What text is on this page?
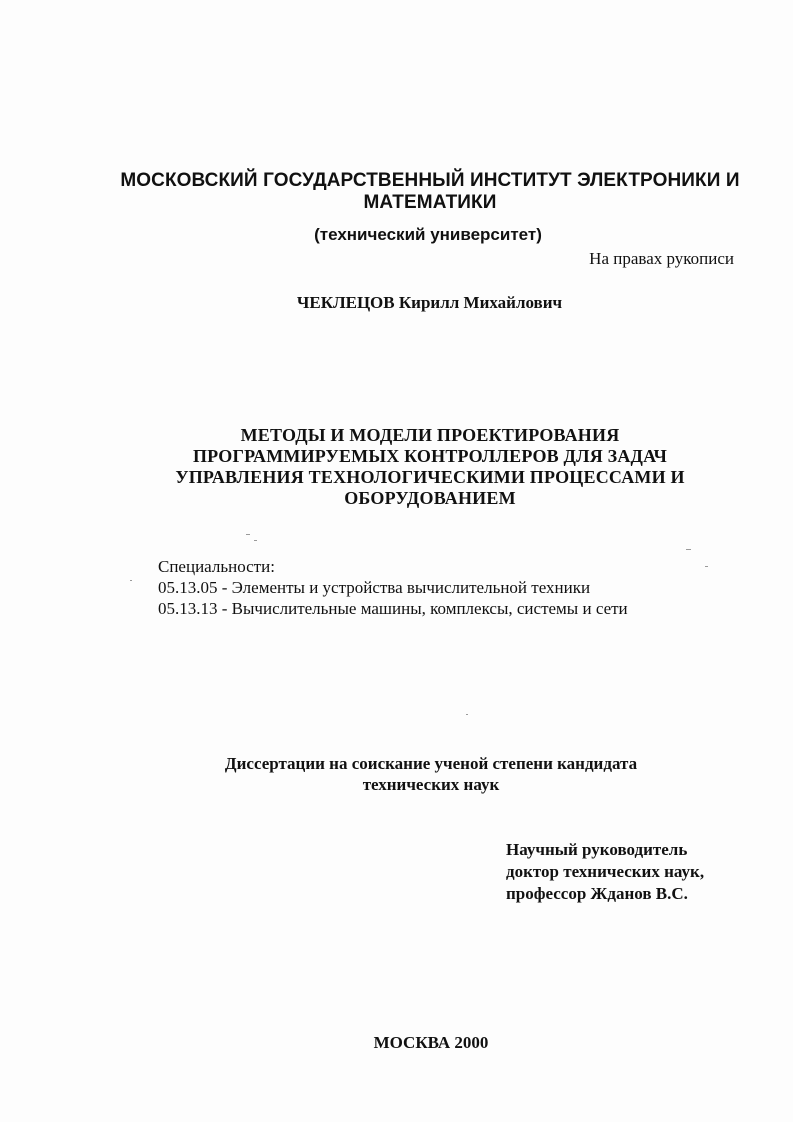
МОСКОВСКИЙ ГОСУДАРСТВЕННЫЙ ИНСТИТУТ ЭЛЕКТРОНИКИ И
МАТЕМАТИКИ
(технический университет)
На правах рукописи
ЧЕКЛЕЦОВ Кирилл Михайлович
МЕТОДЫ И МОДЕЛИ ПРОЕКТИРОВАНИЯ
ПРОГРАММИРУЕМЫХ КОНТРОЛЛЕРОВ ДЛЯ ЗАДАЧ
УПРАВЛЕНИЯ ТЕХНОЛОГИЧЕСКИМИ ПРОЦЕССАМИ И
ОБОРУДОВАНИЕМ
Специальности:
05.13.05 - Элементы и устройства вычислительной техники
05.13.13 - Вычислительные машины, комплексы, системы и сети
Диссертации на соискание ученой степени кандидата
технических наук
Научный руководитель
доктор технических наук,
профессор Жданов В.С.
МОСКВА 2000
